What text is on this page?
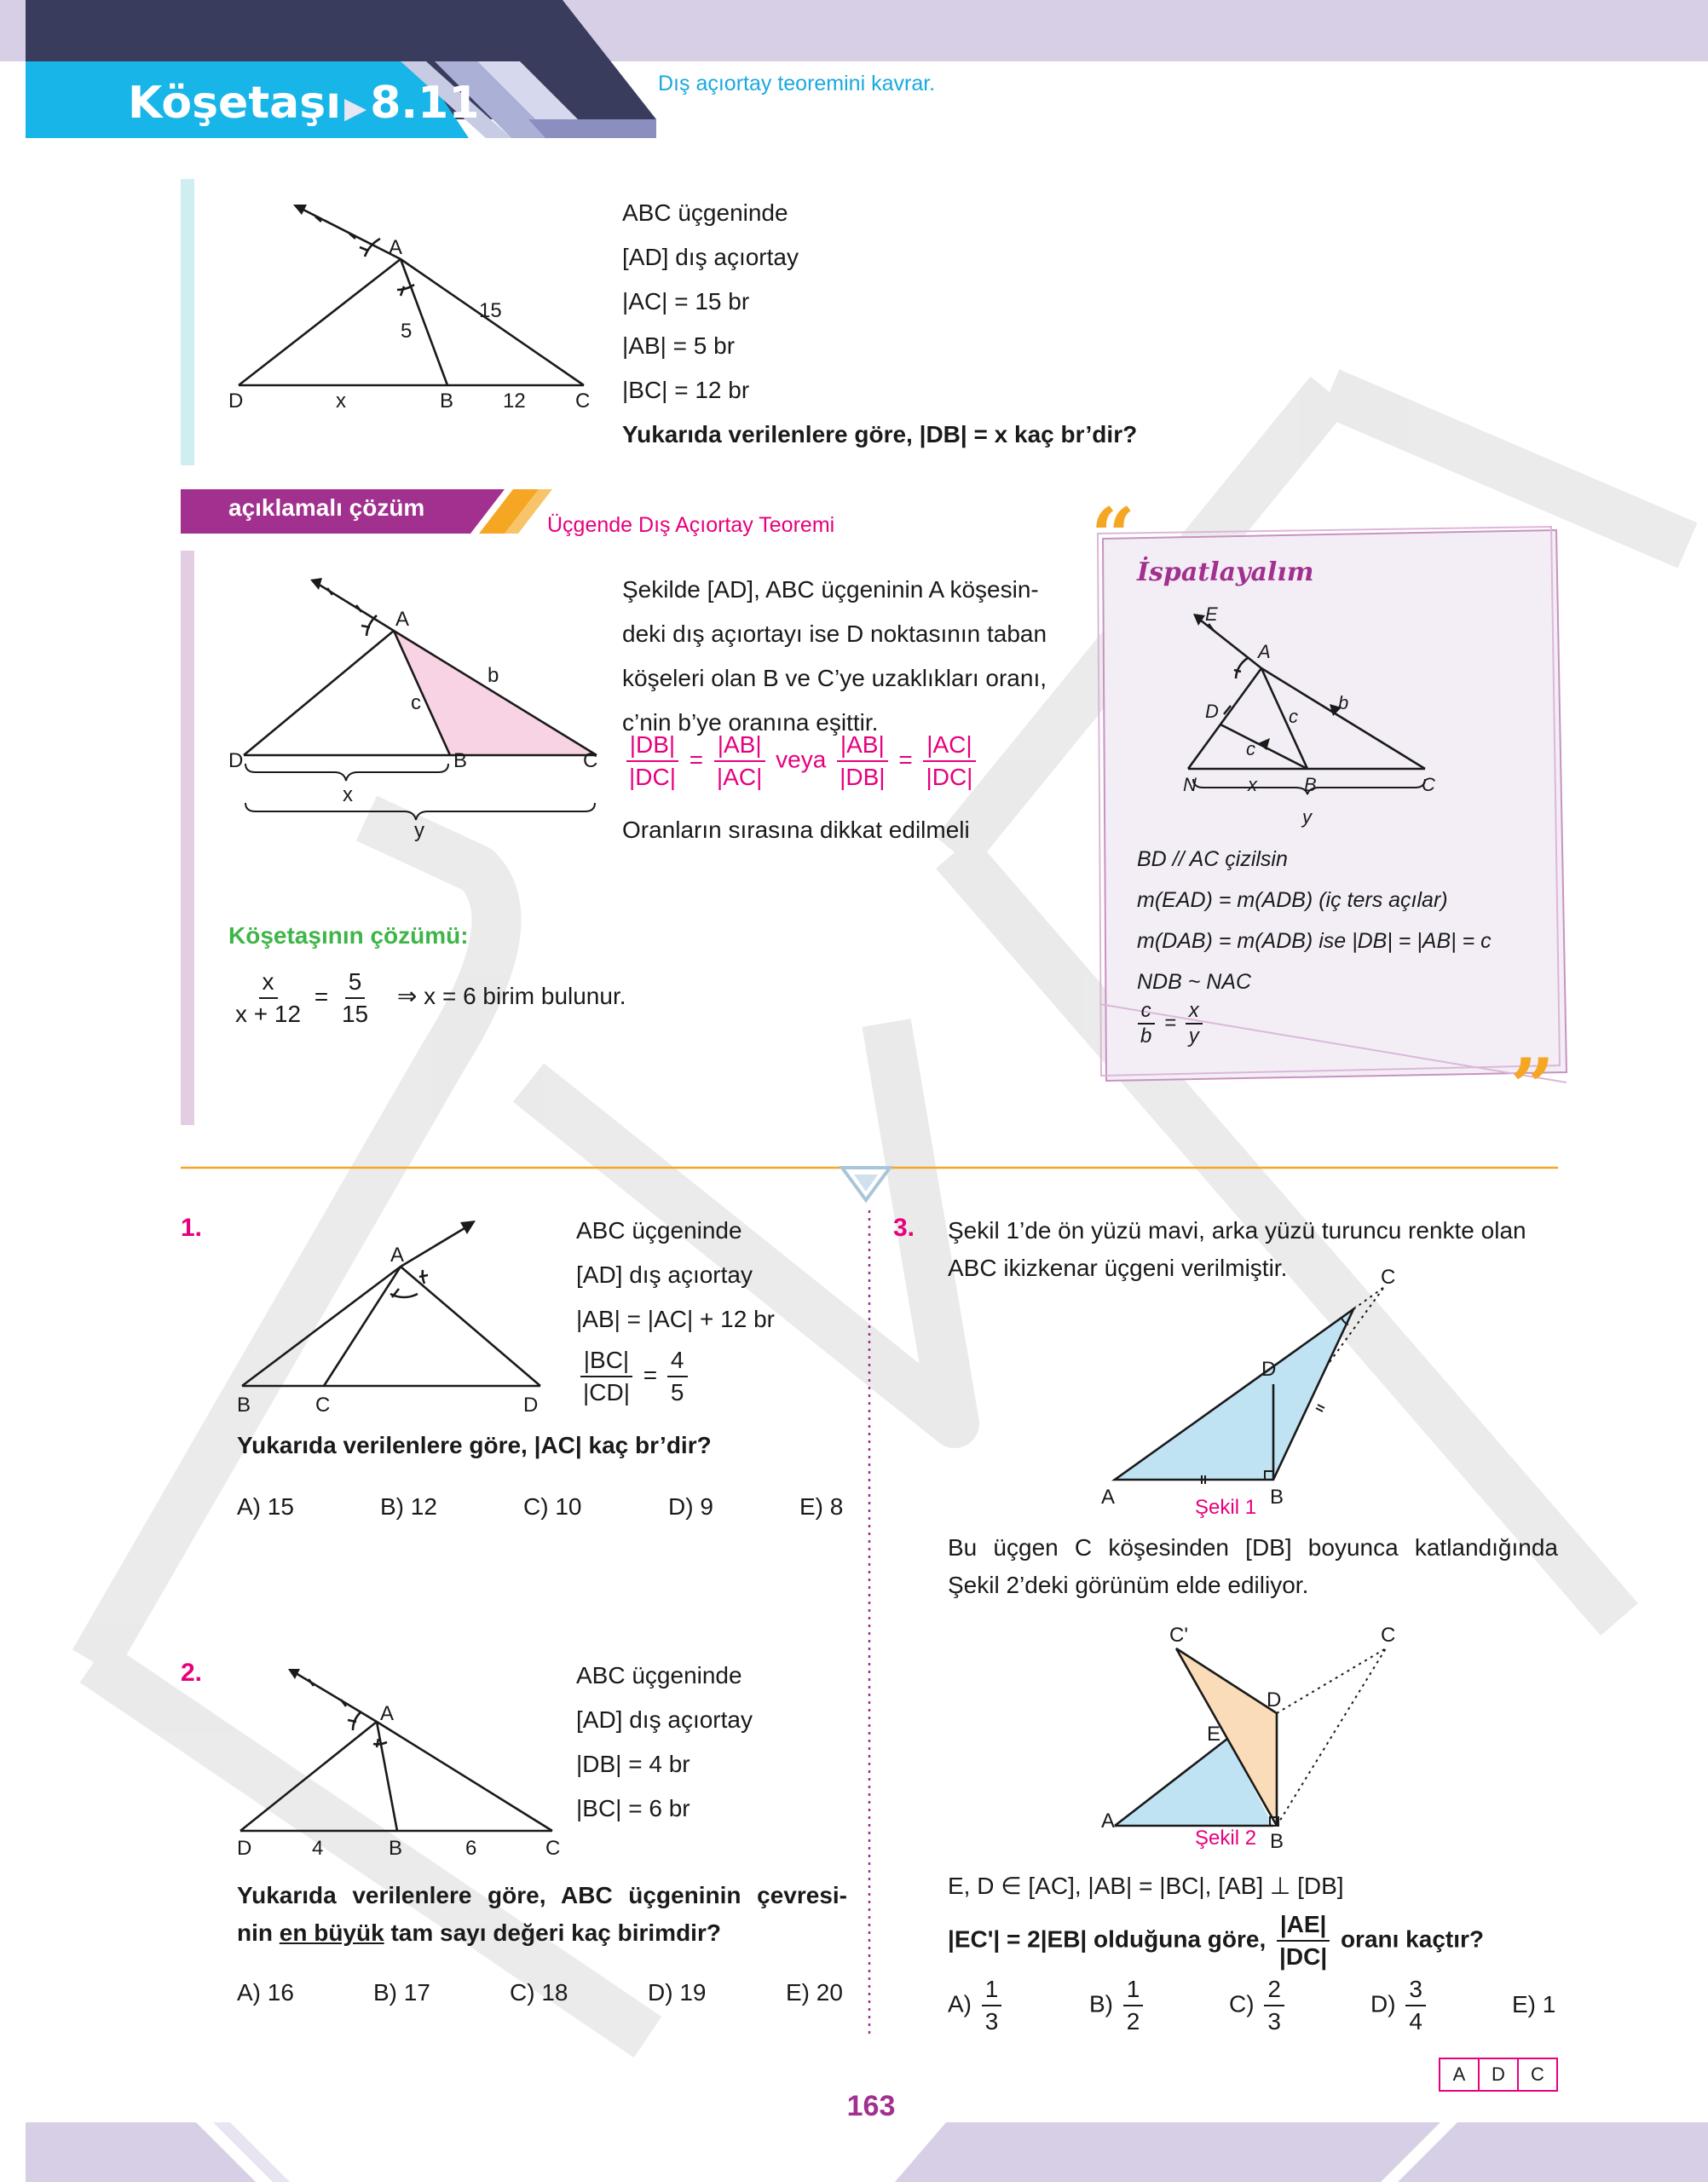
Köşetaşı ▶8.11	Dış açıortay teoremini kavrar.
DAKİKA
A
D	B	C
5
15
x	12
ABC üçgeninde
[AD] dış açıortay
|AC| = 15 br
|AB| = 5 br
|BC| = 12 br
Yukarıda verilenlere göre, |DB| = x kaç br’dir?
açıklamalı çözüm
Üçgende Dış Açıortay Teoremi
A
D	B	C
b
c
x
y
Şekilde [AD], ABC üçgeninin A köşesin-
deki dış açıortayı ise D noktasının taban
köşeleri olan B ve C’ye uzaklıkları oranı,
c’nin b’ye oranına eşittir.
$\frac{|DB|}{|DC|} = \frac{|AB|}{|AC|}$ veya $\frac{|AB|}{|DB|} = \frac{|AC|}{|DC|}$
Oranların sırasına dikkat edilmeli
Köşetaşının çözümü:
$\frac{x}{x + 12} = \frac{5}{15}$ ⇒ x = 6 birim bulunur.
“
”
İspatlayalım
E
A
D	b
c
c
N	x	B	C
y
BD // AC çizilsin
m(EAD) = m(ADB) (iç ters açılar)
m(DAB) = m(ADB) ise |DB| = |AB| = c
NDB ~ NAC
$\frac{c}{b} = \frac{x}{y}$
1.
A
B	C	D
ABC üçgeninde
[AD] dış açıortay
|AB| = |AC| + 12 br
$\frac{|BC|}{|CD|} = \frac{4}{5}$
Yukarıda verilenlere göre, |AC| kaç br’dir?
A) 15	B) 12	C) 10	D) 9	E) 8
2.
A
D	4	B	6	C
ABC üçgeninde
[AD] dış açıortay
|DB| = 4 br
|BC| = 6 br
Yukarıda verilenlere göre, ABC üçgeninin çevresi-
nin en büyük tam sayı değeri kaç birimdir?
A) 16	B) 17	C) 18	D) 19	E) 20
3. Şekil 1’de ön yüzü mavi, arka yüzü turuncu renkte olan
ABC ikizkenar üçgeni verilmiştir.
A	B
C
D
Şekil 1
Bu üçgen C köşesinden [DB] boyunca katlandığında
Şekil 2’deki görünüm elde ediliyor.
C'	C
D
E
A
B
Şekil 2
E, D ∈ [AC], |AB| = |BC|, [AB] ⊥ [DB]
|EC'| = 2|EB| olduğuna göre, $\frac{|AE|}{|DC|}$ oranı kaçtır?
$A) \frac{1}{3}$	$B) \frac{1}{2}$	$C) \frac{2}{3}$	$D) \frac{3}{4}$	E) 1
A	D	C
163
